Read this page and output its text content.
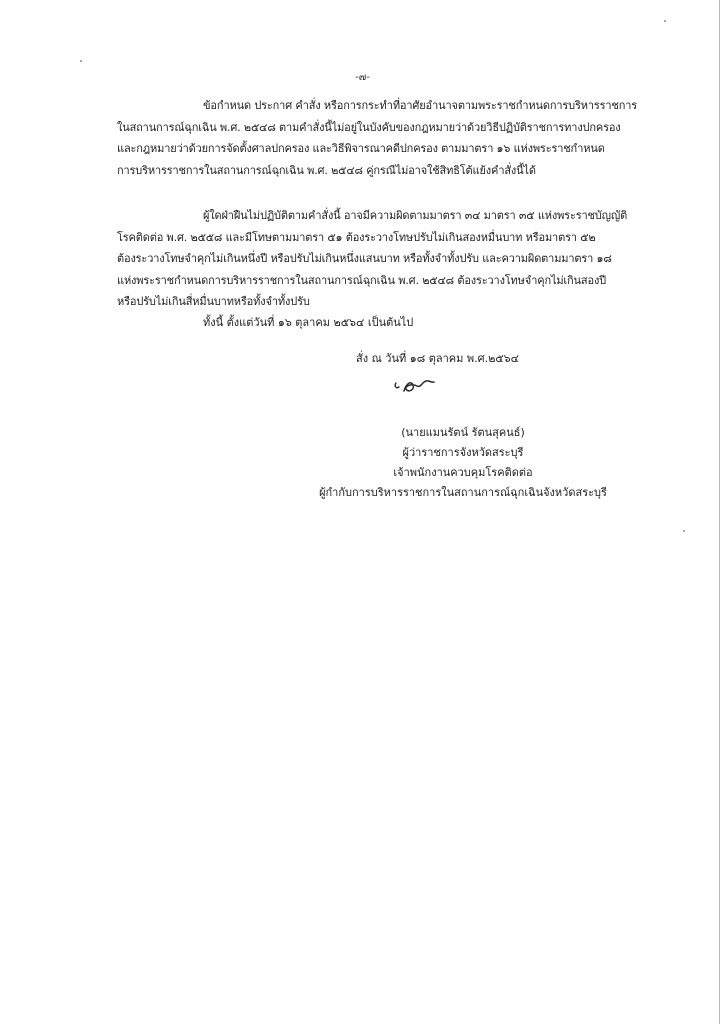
-๗-
ข้อกำหนด ประกาศ คำสั่ง หรือการกระทำที่อาศัยอำนาจตามพระราชกำหนดการบริหารราชการ
ในสถานการณ์ฉุกเฉิน พ.ศ. ๒๕๔๘ ตามคำสั่งนี้ไม่อยู่ในบังคับของกฎหมายว่าด้วยวิธีปฏิบัติราชการทางปกครอง
และกฎหมายว่าด้วยการจัดตั้งศาลปกครอง และวิธีพิจารณาคดีปกครอง ตามมาตรา ๑๖ แห่งพระราชกำหนด
การบริหารราชการในสถานการณ์ฉุกเฉิน พ.ศ. ๒๕๔๘ คู่กรณีไม่อาจใช้สิทธิโต้แย้งคำสั่งนี้ได้
ผู้ใดฝ่าฝืนไม่ปฏิบัติตามคำสั่งนี้ อาจมีความผิดตามมาตรา ๓๔ มาตรา ๓๕ แห่งพระราชบัญญัติ
โรคติดต่อ พ.ศ. ๒๕๕๘ และมีโทษตามมาตรา ๕๑ ต้องระวางโทษปรับไม่เกินสองหมื่นบาท หรือมาตรา ๕๒
ต้องระวางโทษจำคุกไม่เกินหนึ่งปี หรือปรับไม่เกินหนึ่งแสนบาท หรือทั้งจำทั้งปรับ และความผิดตามมาตรา ๑๘
แห่งพระราชกำหนดการบริหารราชการในสถานการณ์ฉุกเฉิน พ.ศ. ๒๕๔๘ ต้องระวางโทษจำคุกไม่เกินสองปี
หรือปรับไม่เกินสี่หมื่นบาทหรือทั้งจำทั้งปรับ
ทั้งนี้ ตั้งแต่วันที่ ๑๖ ตุลาคม ๒๕๖๔ เป็นต้นไป
สั่ง ณ วันที่ ๑๘ ตุลาคม พ.ศ.๒๕๖๔
(นายแมนรัตน์ รัตนสุคนธ์)
ผู้ว่าราชการจังหวัดสระบุรี
เจ้าพนักงานควบคุมโรคติดต่อ
ผู้กำกับการบริหารราชการในสถานการณ์ฉุกเฉินจังหวัดสระบุรี
